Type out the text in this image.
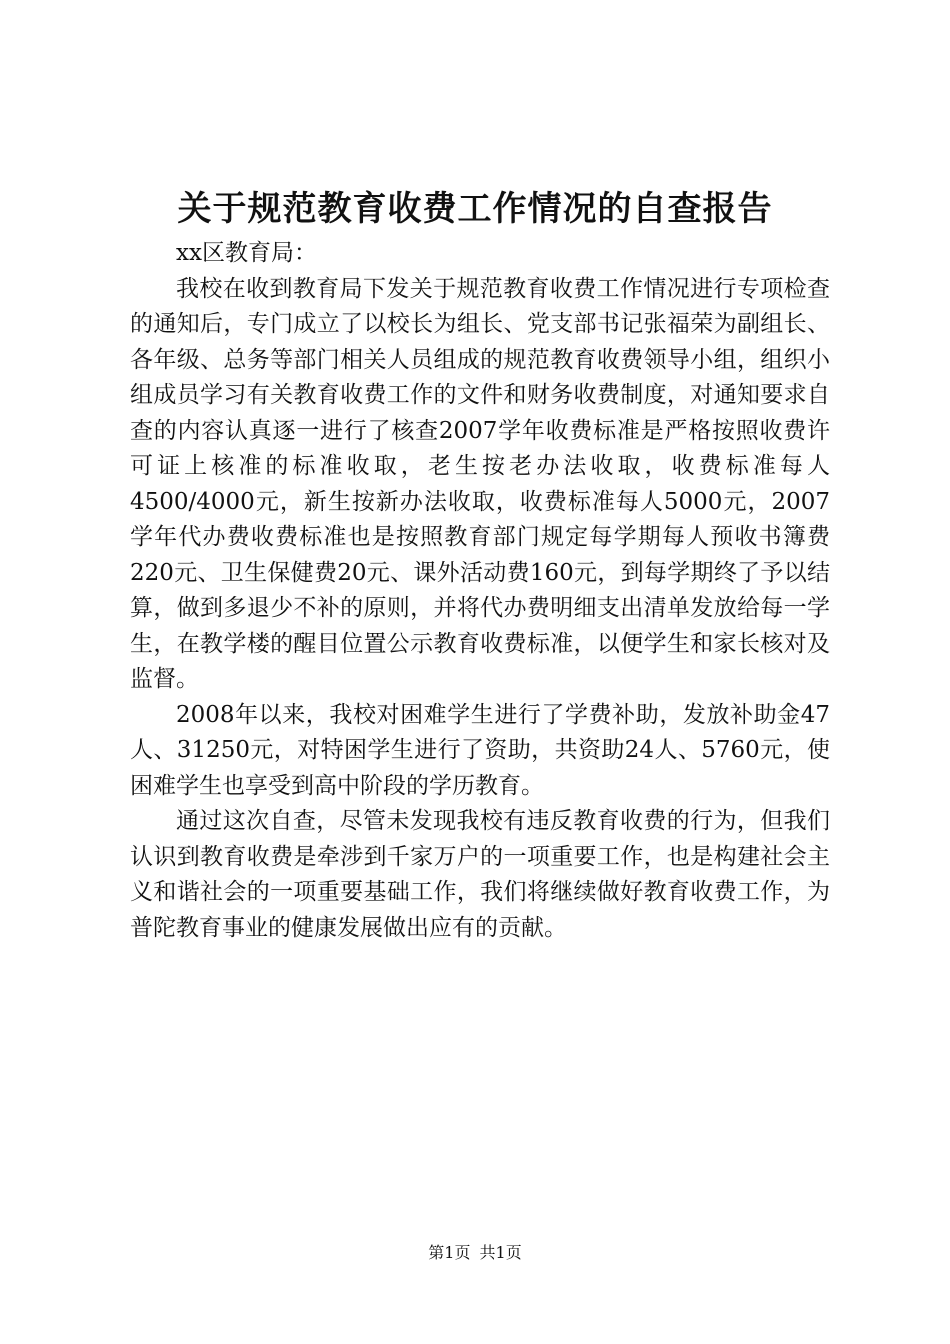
关于规范教育收费工作情况的自查报告

xx区教育局：

我校在收到教育局下发关于规范教育收费工作情况进行专项检查的通知后，专门成立了以校长为组长、党支部书记张福荣为副组长、各年级、总务等部门相关人员组成的规范教育收费领导小组，组织小组成员学习有关教育收费工作的文件和财务收费制度，对通知要求自查的内容认真逐一进行了核查2007学年收费标准是严格按照收费许可证上核准的标准收取，老生按老办法收取，收费标准每人4500/4000元，新生按新办法收取，收费标准每人5000元，2007学年代办费收费标准也是按照教育部门规定每学期每人预收书簿费220元、卫生保健费20元、课外活动费160元，到每学期终了予以结算，做到多退少不补的原则，并将代办费明细支出清单发放给每一学生，在教学楼的醒目位置公示教育收费标准，以便学生和家长核对及监督。

2008年以来，我校对困难学生进行了学费补助，发放补助金47人、31250元，对特困学生进行了资助，共资助24人、5760元，使困难学生也享受到高中阶段的学历教育。

通过这次自查，尽管未发现我校有违反教育收费的行为，但我们认识到教育收费是牵涉到千家万户的一项重要工作，也是构建社会主义和谐社会的一项重要基础工作，我们将继续做好教育收费工作，为普陀教育事业的健康发展做出应有的贡献。

第1页 共1页
